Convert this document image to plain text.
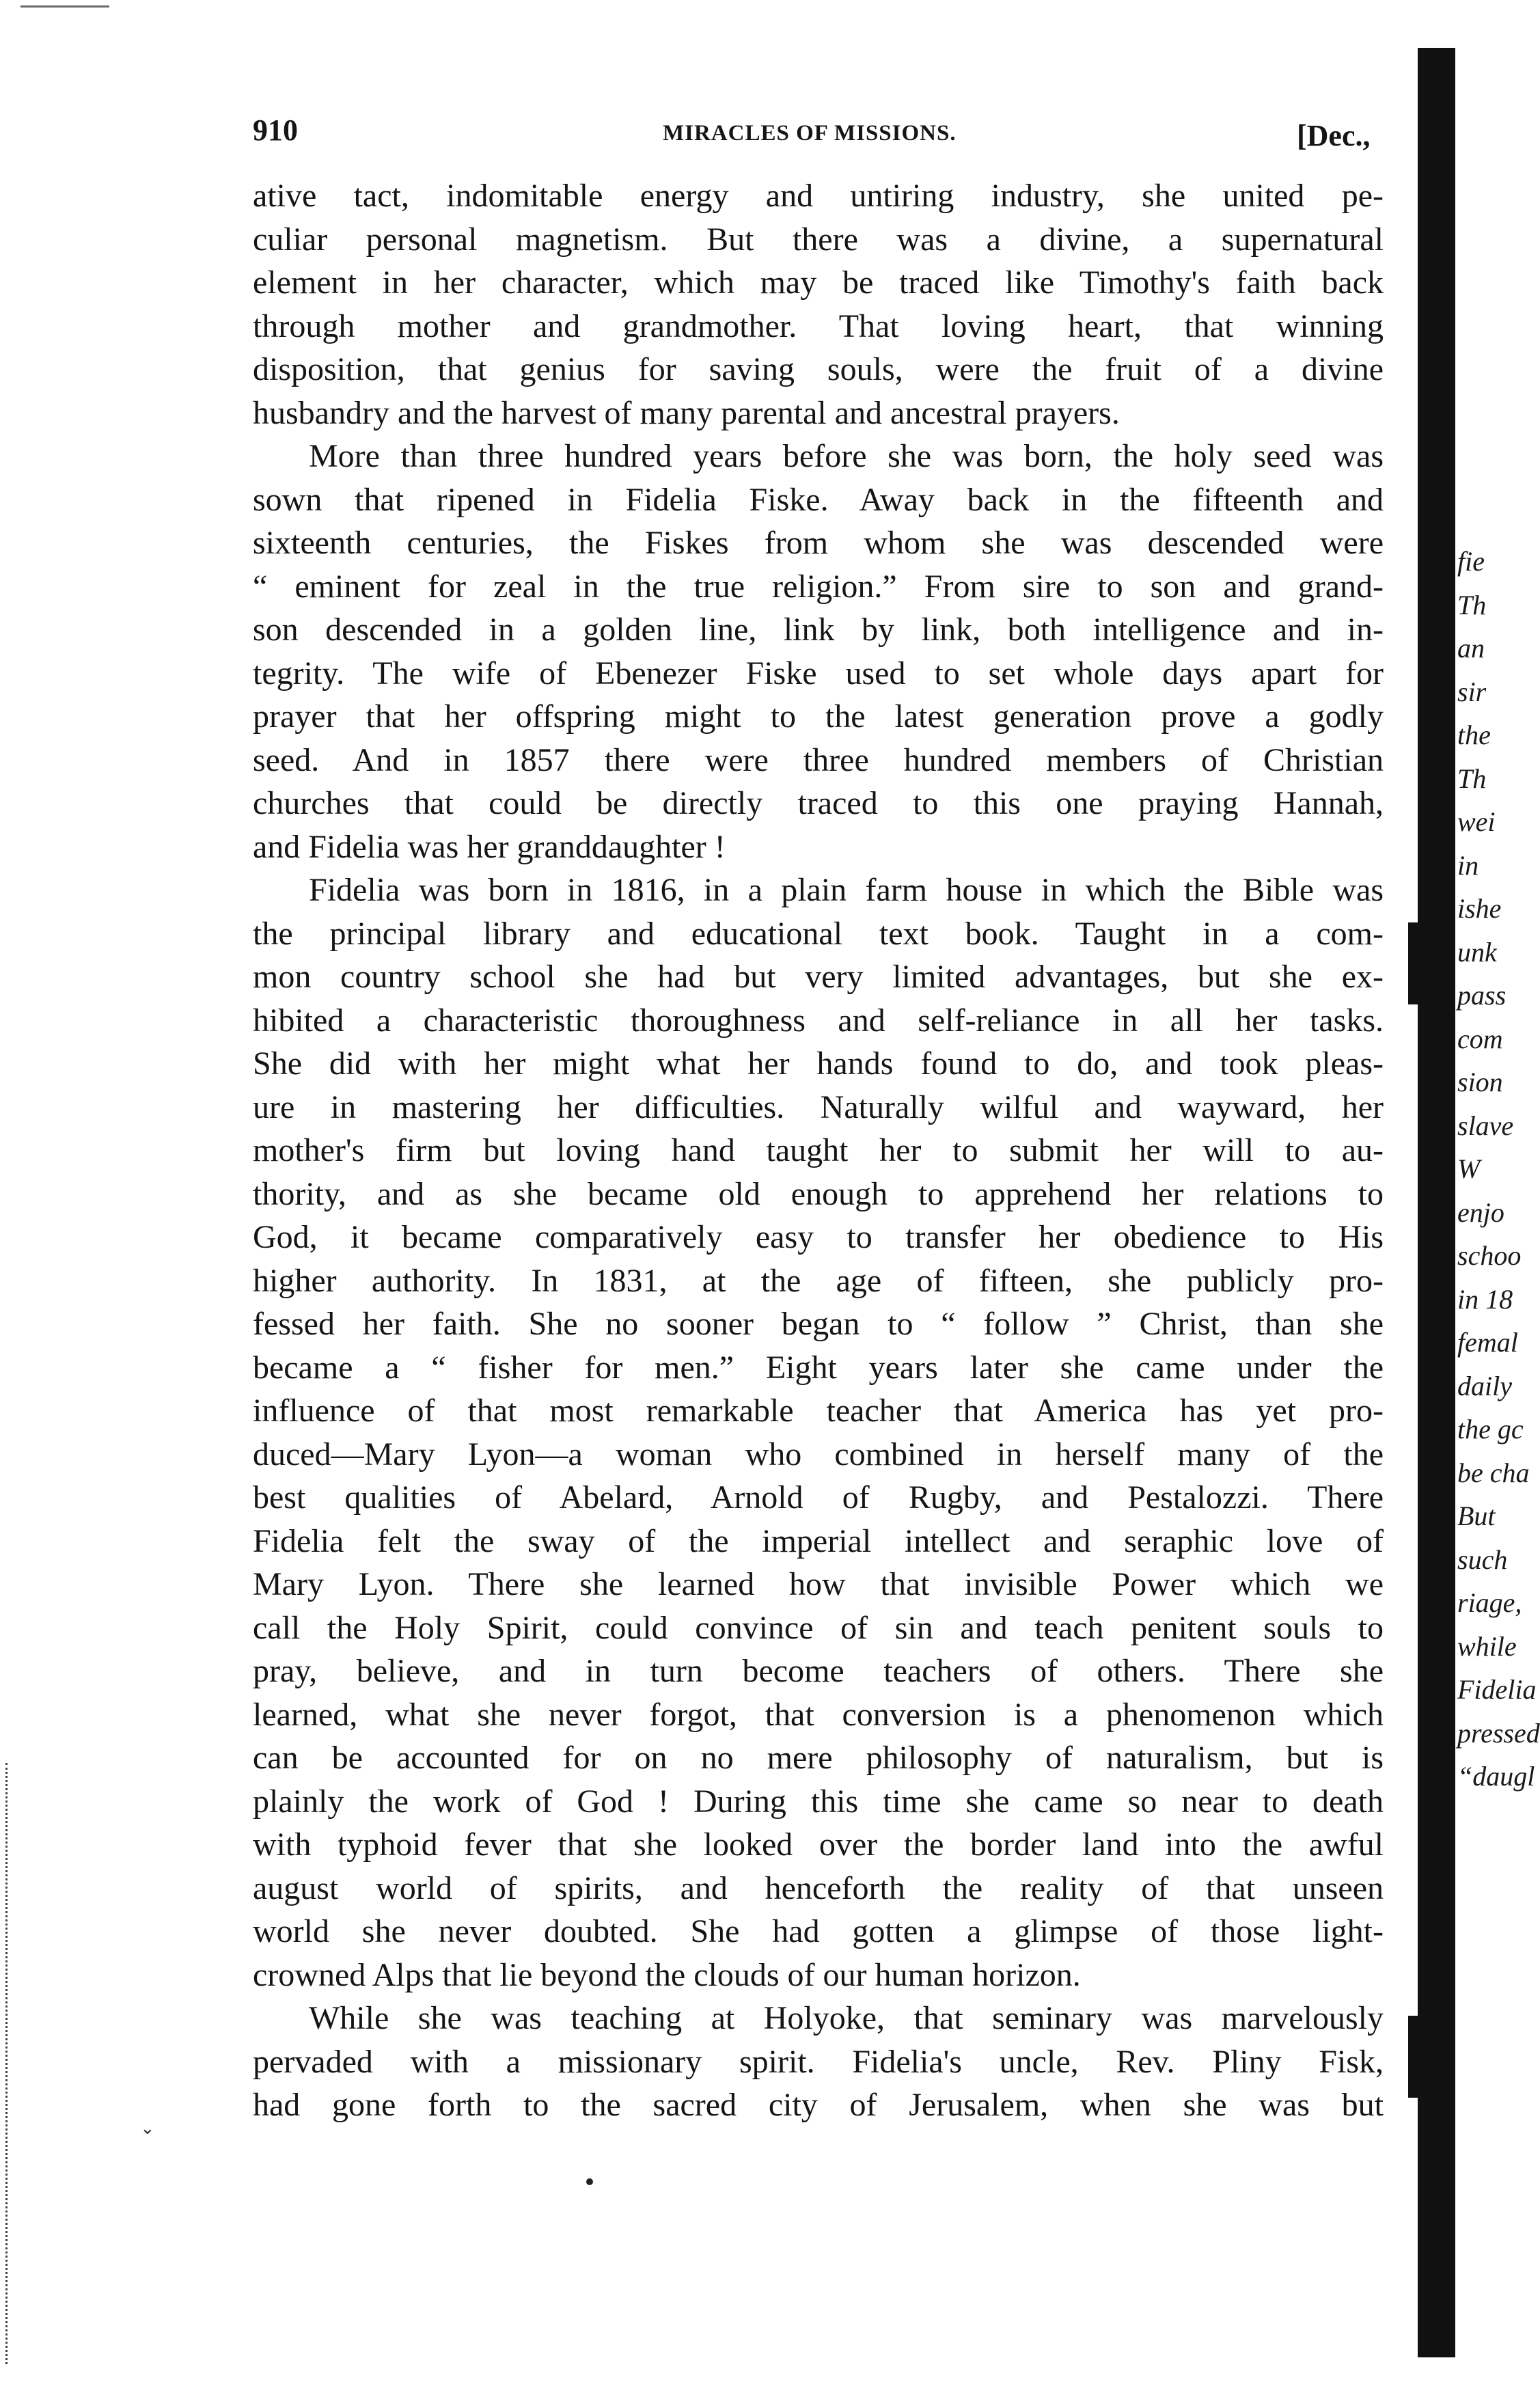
910	MIRACLES OF MISSIONS.	[Dec.,
ative tact, indomitable energy and untiring industry, she united pe-
culiar personal magnetism. But there was a divine, a supernatural
element in her character, which may be traced like Timothy's faith back
through mother and grandmother. That loving heart, that winning
disposition, that genius for saving souls, were the fruit of a divine
husbandry and the harvest of many parental and ancestral prayers.
More than three hundred years before she was born, the holy seed was
sown that ripened in Fidelia Fiske. Away back in the fifteenth and
sixteenth centuries, the Fiskes from whom she was descended were
“ eminent for zeal in the true religion.” From sire to son and grand-
son descended in a golden line, link by link, both intelligence and in-
tegrity. The wife of Ebenezer Fiske used to set whole days apart for
prayer that her offspring might to the latest generation prove a godly
seed. And in 1857 there were three hundred members of Christian
churches that could be directly traced to this one praying Hannah,
and Fidelia was her granddaughter !
Fidelia was born in 1816, in a plain farm house in which the Bible was
the principal library and educational text book. Taught in a com-
mon country school she had but very limited advantages, but she ex-
hibited a characteristic thoroughness and self-reliance in all her tasks.
She did with her might what her hands found to do, and took pleas-
ure in mastering her difficulties. Naturally wilful and wayward, her
mother's firm but loving hand taught her to submit her will to au-
thority, and as she became old enough to apprehend her relations to
God, it became comparatively easy to transfer her obedience to His
higher authority. In 1831, at the age of fifteen, she publicly pro-
fessed her faith. She no sooner began to “ follow ” Christ, than she
became a “ fisher for men.” Eight years later she came under the
influence of that most remarkable teacher that America has yet pro-
duced—Mary Lyon—a woman who combined in herself many of the
best qualities of Abelard, Arnold of Rugby, and Pestalozzi. There
Fidelia felt the sway of the imperial intellect and seraphic love of
Mary Lyon. There she learned how that invisible Power which we
call the Holy Spirit, could convince of sin and teach penitent souls to
pray, believe, and in turn become teachers of others. There she
learned, what she never forgot, that conversion is a phenomenon which
can be accounted for on no mere philosophy of naturalism, but is
plainly the work of God ! During this time she came so near to death
with typhoid fever that she looked over the border land into the awful
august world of spirits, and henceforth the reality of that unseen
world she never doubted. She had gotten a glimpse of those light-
crowned Alps that lie beyond the clouds of our human horizon.
While she was teaching at Holyoke, that seminary was marvelously
pervaded with a missionary spirit. Fidelia's uncle, Rev. Pliny Fisk,
had gone forth to the sacred city of Jerusalem, when she was but
⌄
fie
Th
an
sir
the
Th
wei
in
ishe
unk
pass
com
sion
slave
W
enjo
schoo
in 18
femal
daily
the gc
be cha
But
such
riage,
while
Fidelia
pressed
“daugl
